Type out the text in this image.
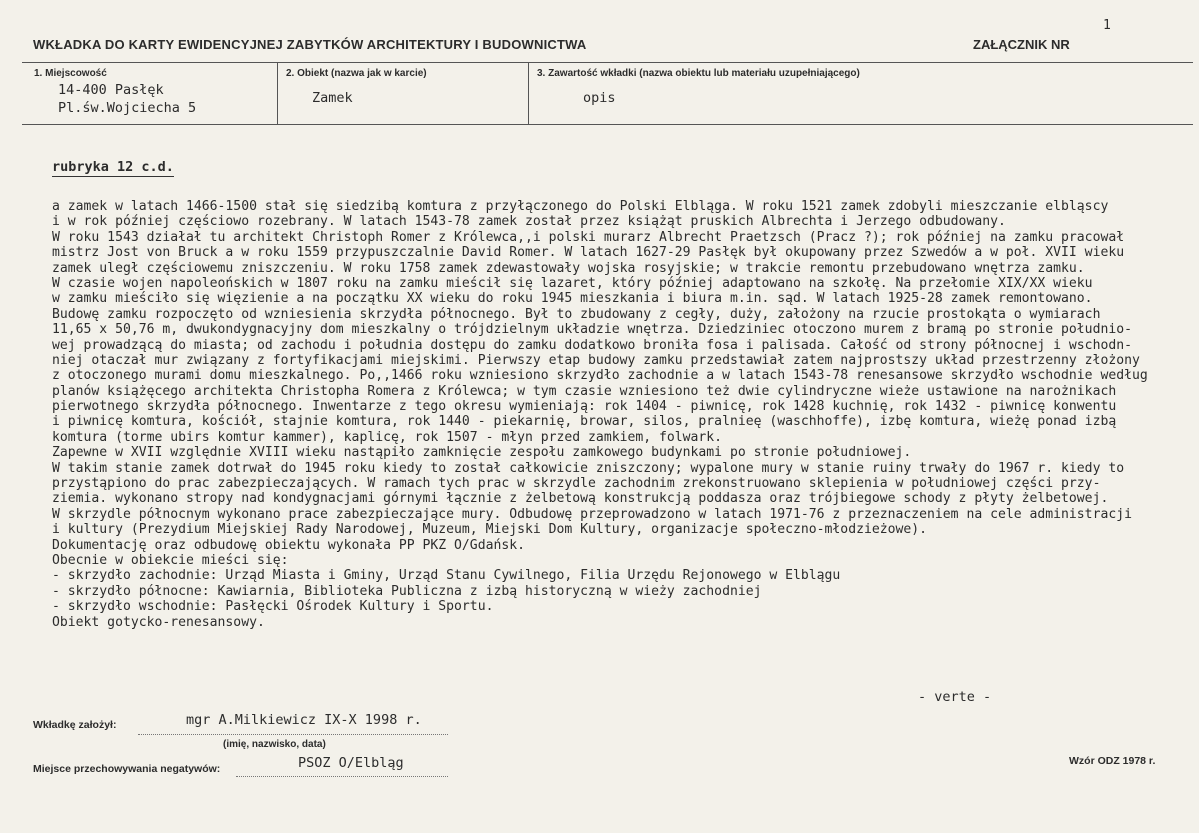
1
WKŁADKA DO KARTY EWIDENCYJNEJ ZABYTKÓW ARCHITEKTURY I BUDOWNICTWA	ZAŁĄCZNIK NR
1. Miejscowość
14-400 Pasłęk
Pl.św.Wojciecha 5
2. Obiekt (nazwa jak w karcie)
Zamek
3. Zawartość wkładki (nazwa obiektu lub materiału uzupełniającego)
opis
rubryka 12 c.d.
a zamek w latach 1466-1500 stał się siedzibą komtura z przyłączonego do Polski Elbląga. W roku 1521 zamek zdobyli mieszczanie elbląscy
i w rok później częściowo rozebrany. W latach 1543-78 zamek został przez książąt pruskich Albrechta i Jerzego odbudowany.
W roku 1543 działał tu architekt Christoph Romer z Królewca,,i polski murarz Albrecht Praetzsch (Pracz ?); rok później na zamku pracował
mistrz Jost von Bruck a w roku 1559 przypuszczalnie David Romer. W latach 1627-29 Pasłęk był okupowany przez Szwedów a w poł. XVII wieku
zamek uległ częściowemu zniszczeniu. W roku 1758 zamek zdewastowały wojska rosyjskie; w trakcie remontu przebudowano wnętrza zamku.
W czasie wojen napoleońskich w 1807 roku na zamku mieścił się lazaret, który później adaptowano na szkołę. Na przełomie XIX/XX wieku
w zamku mieściło się więzienie a na początku XX wieku do roku 1945 mieszkania i biura m.in. sąd. W latach 1925-28 zamek remontowano.
Budowę zamku rozpoczęto od wzniesienia skrzydła północnego. Był to zbudowany z cegły, duży, założony na rzucie prostokąta o wymiarach
11,65 x 50,76 m, dwukondygnacyjny dom mieszkalny o trójdzielnym układzie wnętrza. Dziedziniec otoczono murem z bramą po stronie południo-
wej prowadzącą do miasta; od zachodu i południa dostępu do zamku dodatkowo broniła fosa i palisada. Całość od strony północnej i wschodn-
niej otaczał mur związany z fortyfikacjami miejskimi. Pierwszy etap budowy zamku przedstawiał zatem najprostszy układ przestrzenny złożony
z otoczonego murami domu mieszkalnego. Po,,1466 roku wzniesiono skrzydło zachodnie a w latach 1543-78 renesansowe skrzydło wschodnie według
planów książęcego architekta Christopha Romera z Królewca; w tym czasie wzniesiono też dwie cylindryczne wieże ustawione na narożnikach
pierwotnego skrzydła północnego. Inwentarze z tego okresu wymieniają: rok 1404 - piwnicę, rok 1428 kuchnię, rok 1432 - piwnicę konwentu
i piwnicę komtura, kościół, stajnie komtura, rok 1440 - piekarnię, browar, silos, pralnieę (waschhoffe), izbę komtura, wieżę ponad izbą
komtura (torme ubirs komtur kammer), kaplicę, rok 1507 - młyn przed zamkiem, folwark.
Zapewne w XVII względnie XVIII wieku nastąpiło zamknięcie zespołu zamkowego budynkami po stronie południowej.
W takim stanie zamek dotrwał do 1945 roku kiedy to został całkowicie zniszczony; wypalone mury w stanie ruiny trwały do 1967 r. kiedy to
przystąpiono do prac zabezpieczających. W ramach tych prac w skrzydle zachodnim zrekonstruowano sklepienia w południowej części przy-
ziemia. wykonano stropy nad kondygnacjami górnymi łącznie z żelbetową konstrukcją poddasza oraz trójbiegowe schody z płyty żelbetowej.
W skrzydle północnym wykonano prace zabezpieczające mury. Odbudowę przeprowadzono w latach 1971-76 z przeznaczeniem na cele administracji
i kultury (Prezydium Miejskiej Rady Narodowej, Muzeum, Miejski Dom Kultury, organizacje społeczno-młodzieżowe).
Dokumentację oraz odbudowę obiektu wykonała PP PKZ O/Gdańsk.
Obecnie w obiekcie mieści się:
- skrzydło zachodnie: Urząd Miasta i Gminy, Urząd Stanu Cywilnego, Filia Urzędu Rejonowego w Elblągu
- skrzydło północne: Kawiarnia, Biblioteka Publiczna z izbą historyczną w wieży zachodniej
- skrzydło wschodnie: Pasłęcki Ośrodek Kultury i Sportu.
Obiekt gotycko-renesansowy.
- verte -
Wkładkę założył:	mgr A.Milkiewicz IX-X 1998 r.
(imię, nazwisko, data)
Miejsce przechowywania negatywów:	PSOZ O/Elbląg	Wzór ODZ 1978 r.
